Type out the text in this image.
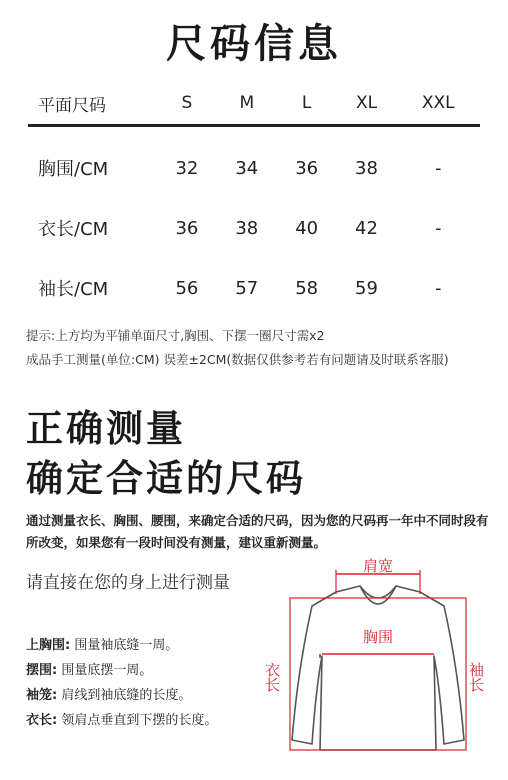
尺码信息
平面尺码	S	M	L	XL	XXL
胸围/CM	32	34	36	38	-
衣长/CM	36	38	40	42	-
袖长/CM	56	57	58	59	-
提示:上方均为平铺单面尺寸,胸围、下摆一圈尺寸需x2
成品手工测量(单位:CM) 误差±2CM(数据仅供参考若有问题请及时联系客服)
正确测量
确定合适的尺码
通过测量衣长、胸围、腰围，来确定合适的尺码，因为您的尺码再一年中不同时段有所改变，如果您有一段时间没有测量，建议重新测量。
请直接在您的身上进行测量
上胸围: 围量袖底缝一周。
摆围: 围量底摆一周。
袖笼: 肩线到袖底缝的长度。
衣长: 领肩点垂直到下摆的长度。
肩宽
胸围
衣长	袖长
